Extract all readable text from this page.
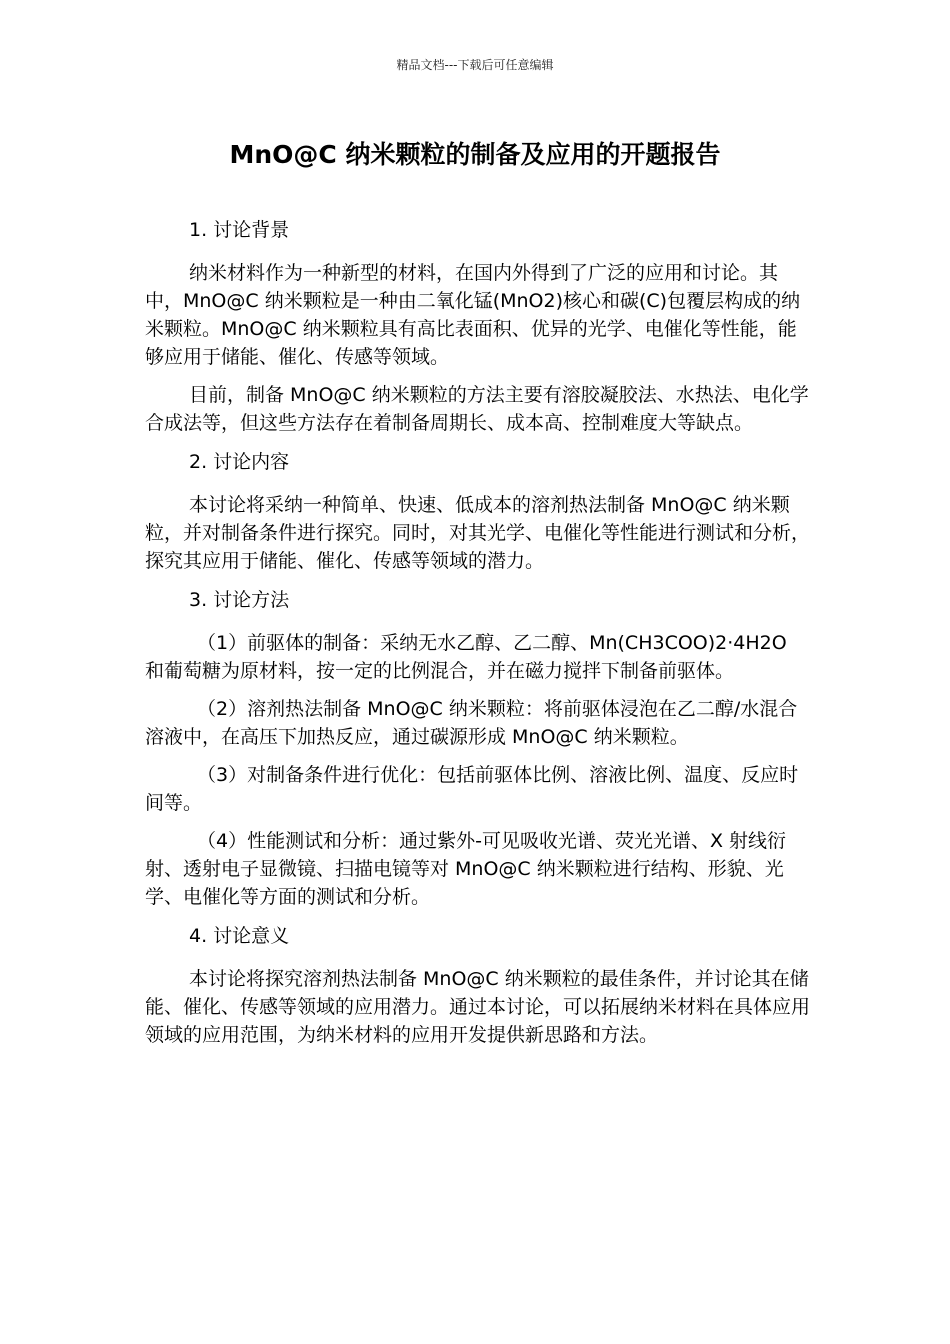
精品文档---下载后可任意编辑
MnO@C 纳米颗粒的制备及应用的开题报告
1. 讨论背景

纳米材料作为一种新型的材料，在国内外得到了广泛的应用和讨论。其中，MnO@C 纳米颗粒是一种由二氧化锰(MnO2)核心和碳(C)包覆层构成的纳米颗粒。MnO@C 纳米颗粒具有高比表面积、优异的光学、电催化等性能，能够应用于储能、催化、传感等领域。

目前，制备 MnO@C 纳米颗粒的方法主要有溶胶凝胶法、水热法、电化学合成法等，但这些方法存在着制备周期长、成本高、控制难度大等缺点。

2. 讨论内容

本讨论将采纳一种简单、快速、低成本的溶剂热法制备 MnO@C 纳米颗粒，并对制备条件进行探究。同时，对其光学、电催化等性能进行测试和分析，探究其应用于储能、催化、传感等领域的潜力。

3. 讨论方法

（1）前驱体的制备：采纳无水乙醇、乙二醇、Mn(CH3COO)2·4H2O 和葡萄糖为原材料，按一定的比例混合，并在磁力搅拌下制备前驱体。

（2）溶剂热法制备 MnO@C 纳米颗粒：将前驱体浸泡在乙二醇/水混合溶液中，在高压下加热反应，通过碳源形成 MnO@C 纳米颗粒。

（3）对制备条件进行优化：包括前驱体比例、溶液比例、温度、反应时间等。

（4）性能测试和分析：通过紫外-可见吸收光谱、荧光光谱、X 射线衍射、透射电子显微镜、扫描电镜等对 MnO@C 纳米颗粒进行结构、形貌、光学、电催化等方面的测试和分析。

4. 讨论意义

本讨论将探究溶剂热法制备 MnO@C 纳米颗粒的最佳条件，并讨论其在储能、催化、传感等领域的应用潜力。通过本讨论，可以拓展纳米材料在具体应用领域的应用范围，为纳米材料的应用开发提供新思路和方法。
